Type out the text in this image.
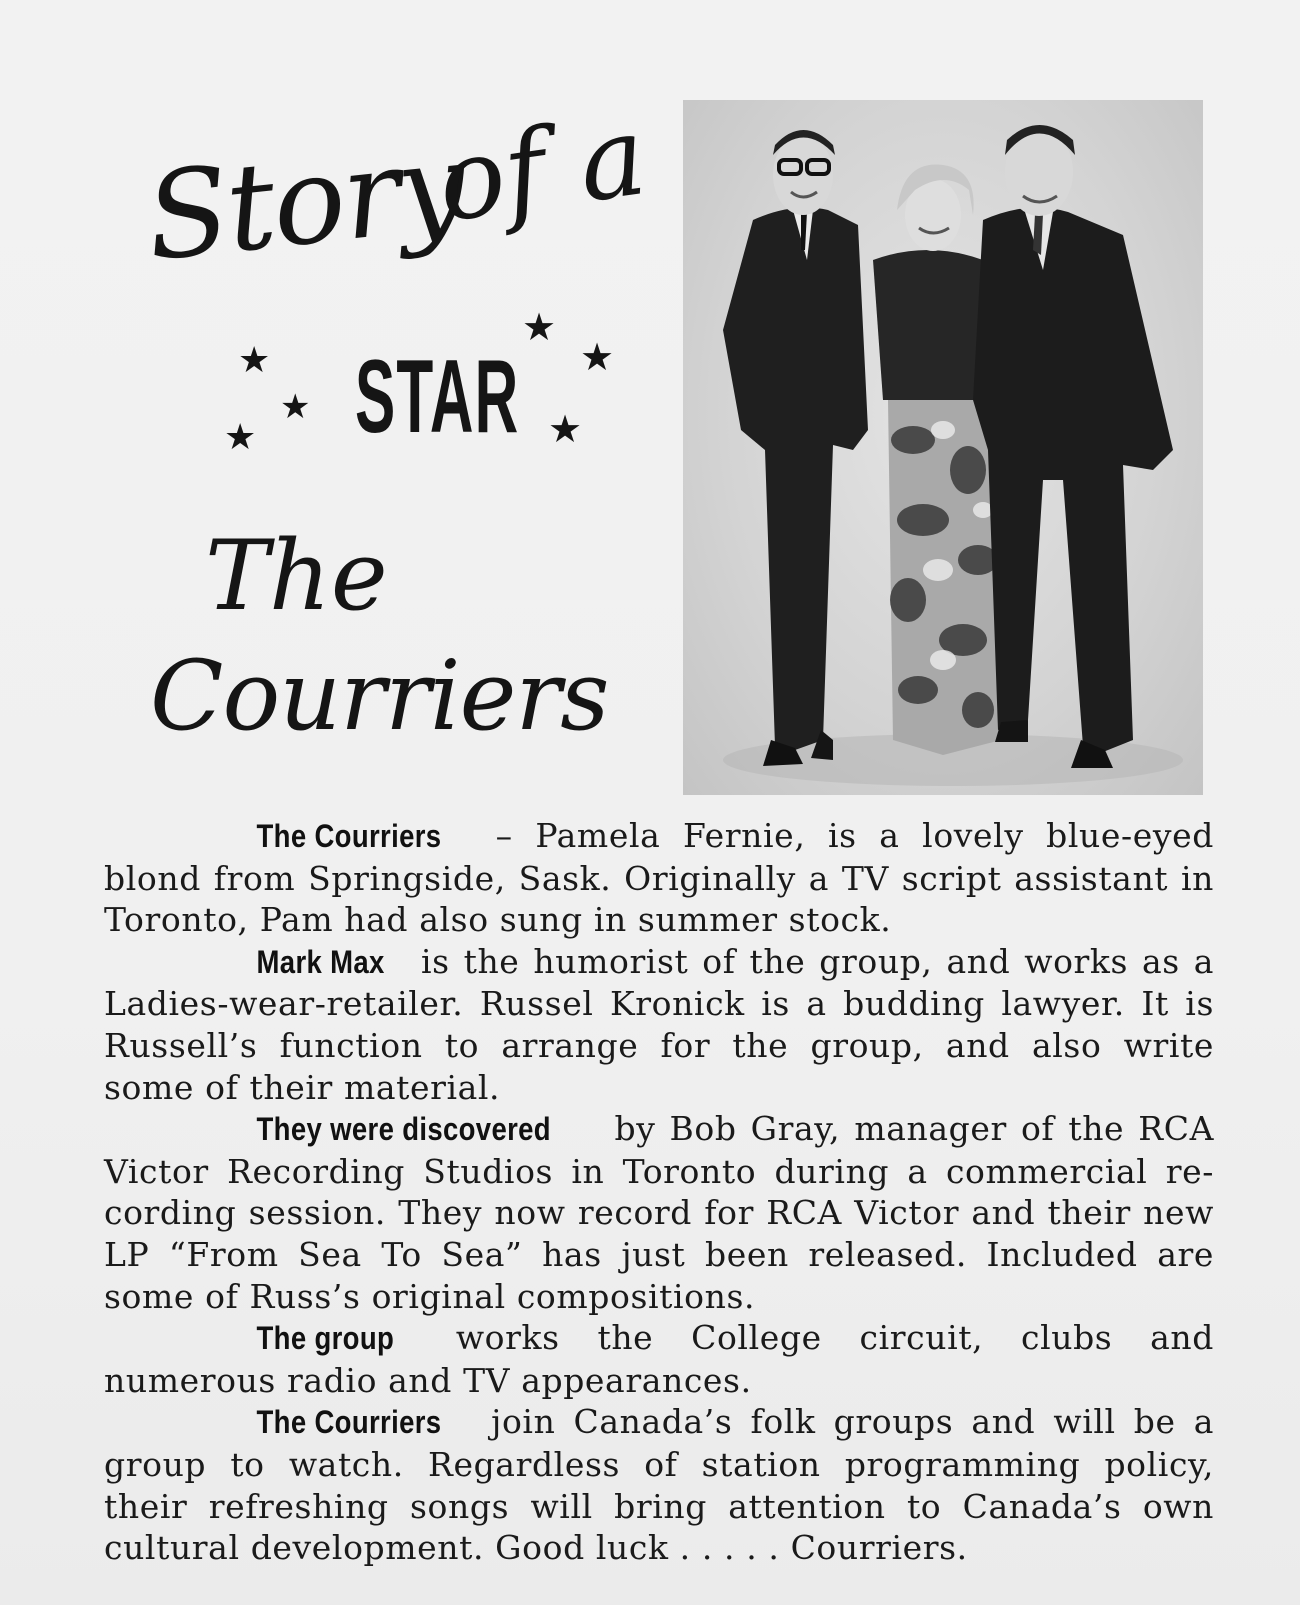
Story
of a
STAR
The
Courriers
★
★
★
★
★
★

The Courriers – Pamela Fernie, is a lovely blue-eyed blond from Springside, Sask. Originally a TV script assistant in Toronto, Pam had also sung in summer stock.

Mark Max is the humorist of the group, and works as a Ladies-wear-retailer. Russel Kronick is a budding lawyer. It is Russell’s function to arrange for the group, and also write some of their material.

They were discovered by Bob Gray, manager of the RCA Victor Recording Studios in Toronto during a commercial re-cording session. They now record for RCA Victor and their new LP “From Sea To Sea” has just been released. Included are some of Russ’s original compositions.

The group works the College circuit, clubs and numerous radio and TV appearances.

The Courriers join Canada’s folk groups and will be a group to watch. Regardless of station programming policy, their refreshing songs will bring attention to Canada’s own cultural development. Good luck . . . . . Courriers.
